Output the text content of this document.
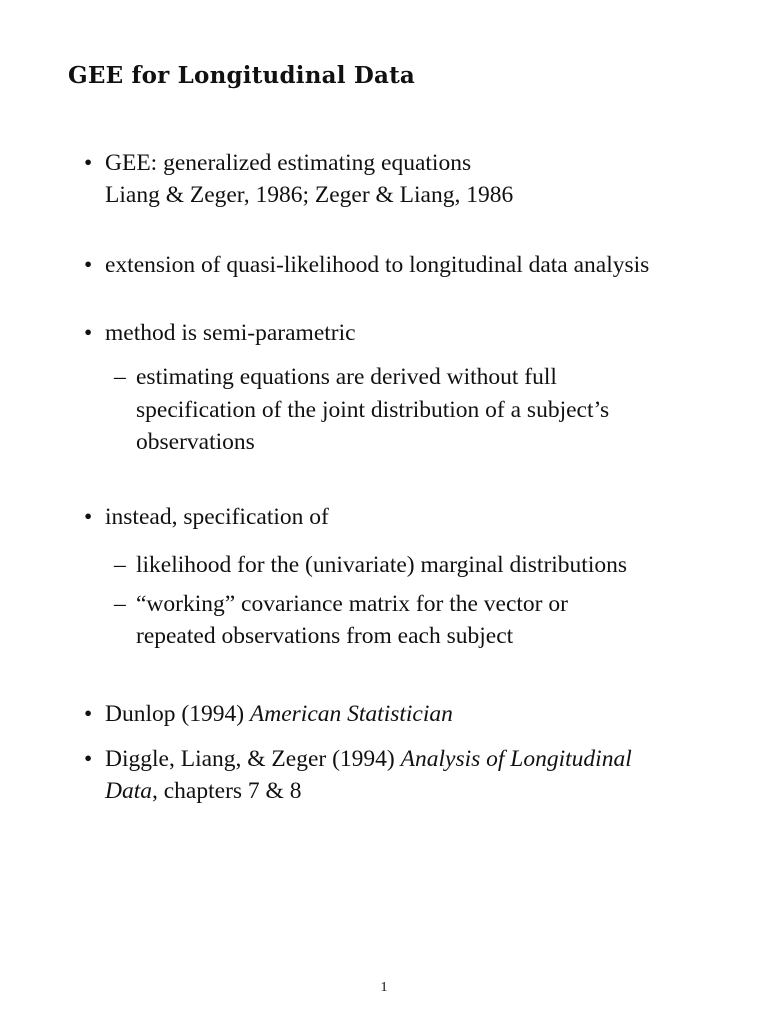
GEE for Longitudinal Data
• GEE: generalized estimating equations
Liang & Zeger, 1986; Zeger & Liang, 1986
• extension of quasi-likelihood to longitudinal data analysis
• method is semi-parametric
– estimating equations are derived without full
specification of the joint distribution of a subject’s
observations
• instead, specification of
– likelihood for the (univariate) marginal distributions
– “working” covariance matrix for the vector or
repeated observations from each subject
• Dunlop (1994) American Statistician
• Diggle, Liang, & Zeger (1994) Analysis of Longitudinal
Data, chapters 7 & 8
1
